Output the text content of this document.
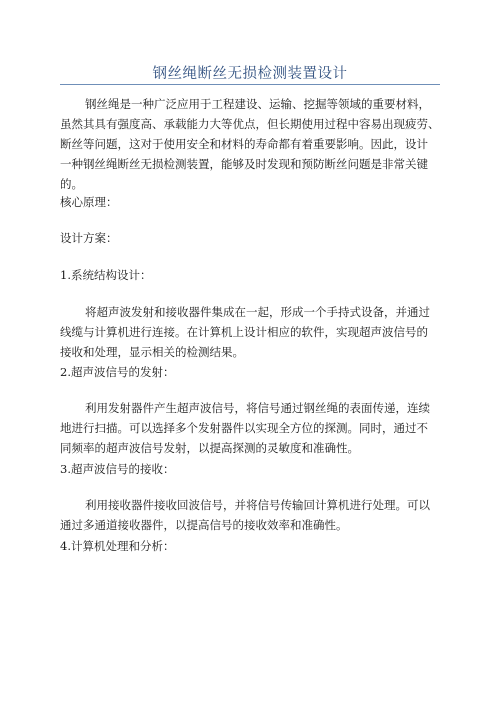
钢丝绳断丝无损检测装置设计

钢丝绳是一种广泛应用于工程建设、运输、挖掘等领域的重要材料，
虽然其具有强度高、承载能力大等优点，但长期使用过程中容易出现疲劳、
断丝等问题，这对于使用安全和材料的寿命都有着重要影响。因此，设计
一种钢丝绳断丝无损检测装置，能够及时发现和预防断丝问题是非常关键
的。

核心原理：
设计方案：
1.系统结构设计：

将超声波发射和接收器件集成在一起，形成一个手持式设备，并通过
线缆与计算机进行连接。在计算机上设计相应的软件，实现超声波信号的
接收和处理，显示相关的检测结果。

2.超声波信号的发射：

利用发射器件产生超声波信号，将信号通过钢丝绳的表面传递，连续
地进行扫描。可以选择多个发射器件以实现全方位的探测。同时，通过不
同频率的超声波信号发射，以提高探测的灵敏度和准确性。

3.超声波信号的接收：

利用接收器件接收回波信号，并将信号传输回计算机进行处理。可以
通过多通道接收器件，以提高信号的接收效率和准确性。

4.计算机处理和分析：
